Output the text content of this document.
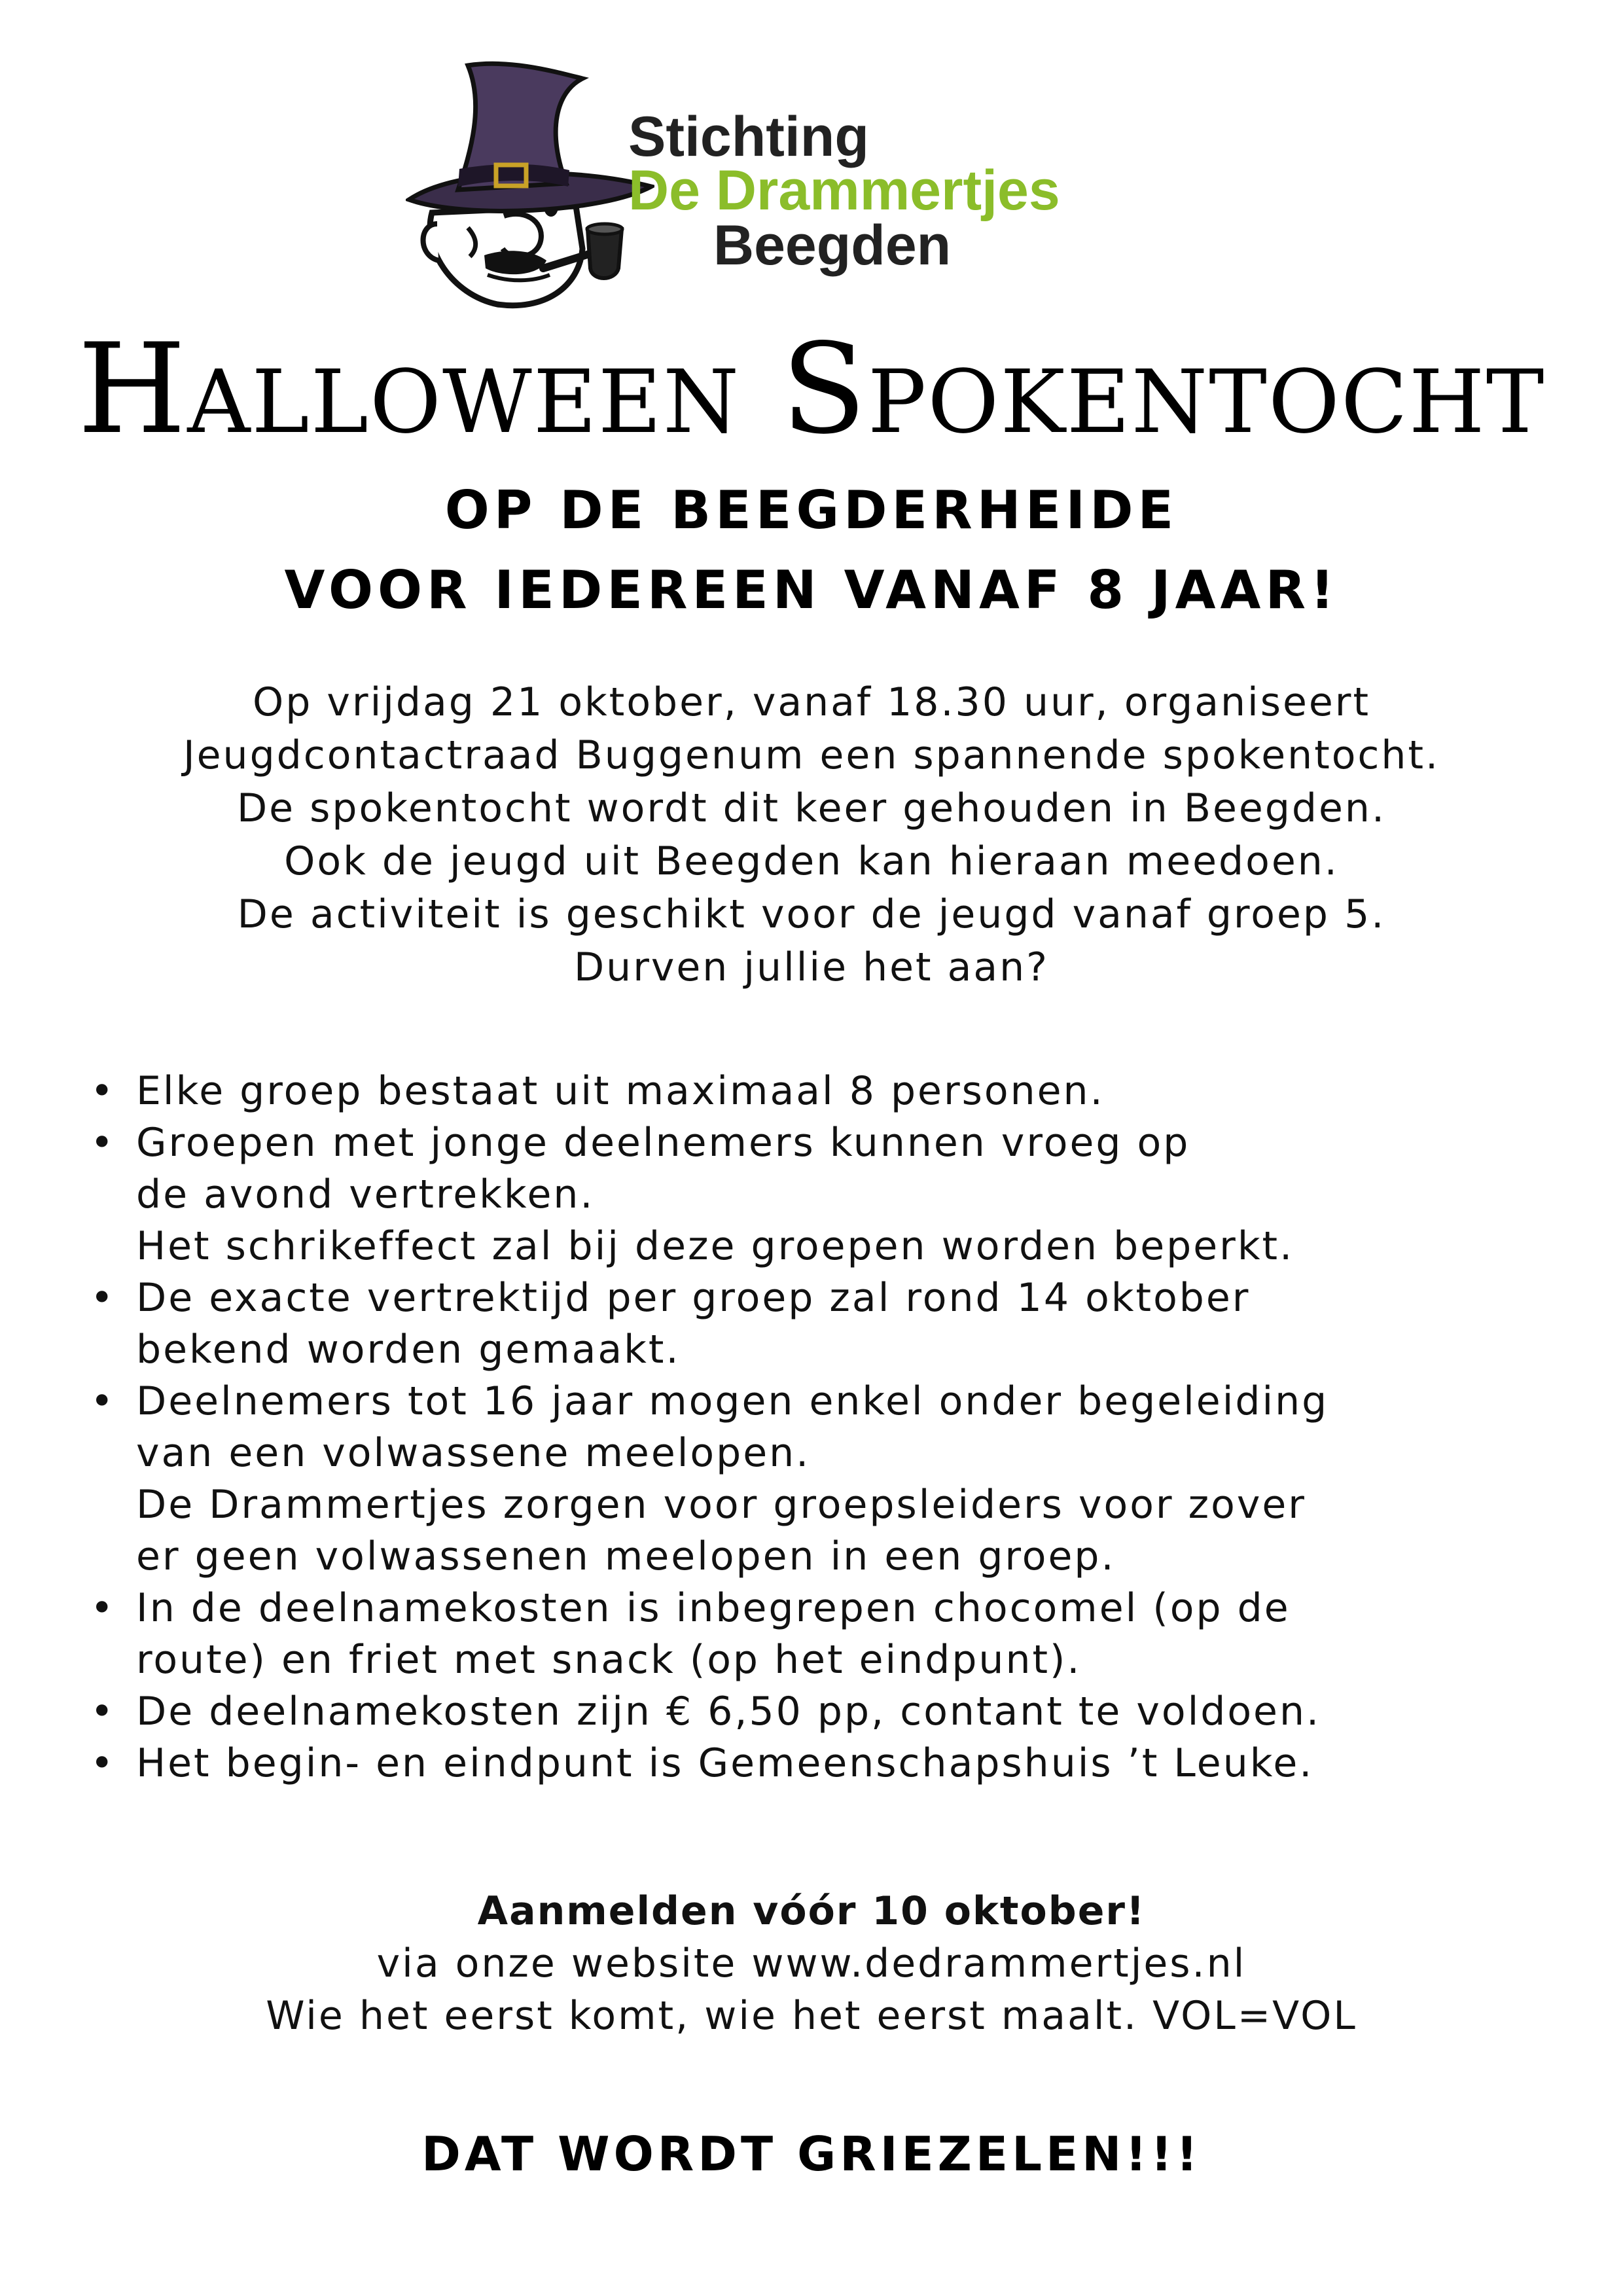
Stichting
De Drammertjes
Beegden
Halloween Spokentocht
OP DE BEEGDERHEIDE
VOOR IEDEREEN VANAF 8 JAAR!
Op vrijdag 21 oktober, vanaf 18.30 uur, organiseert
Jeugdcontactraad Buggenum een spannende spokentocht.
De spokentocht wordt dit keer gehouden in Beegden.
Ook de jeugd uit Beegden kan hieraan meedoen.
De activiteit is geschikt voor de jeugd vanaf groep 5.
Durven jullie het aan?
• Elke groep bestaat uit maximaal 8 personen.
• Groepen met jonge deelnemers kunnen vroeg op
de avond vertrekken.
Het schrikeffect zal bij deze groepen worden beperkt.
• De exacte vertrektijd per groep zal rond 14 oktober
bekend worden gemaakt.
• Deelnemers tot 16 jaar mogen enkel onder begeleiding
van een volwassene meelopen.
De Drammertjes zorgen voor groepsleiders voor zover
er geen volwassenen meelopen in een groep.
• In de deelnamekosten is inbegrepen chocomel (op de
route) en friet met snack (op het eindpunt).
• De deelnamekosten zijn € 6,50 pp, contant te voldoen.
• Het begin- en eindpunt is Gemeenschapshuis ’t Leuke.
Aanmelden vóór 10 oktober!
via onze website www.dedrammertjes.nl
Wie het eerst komt, wie het eerst maalt. VOL=VOL
DAT WORDT GRIEZELEN!!!
